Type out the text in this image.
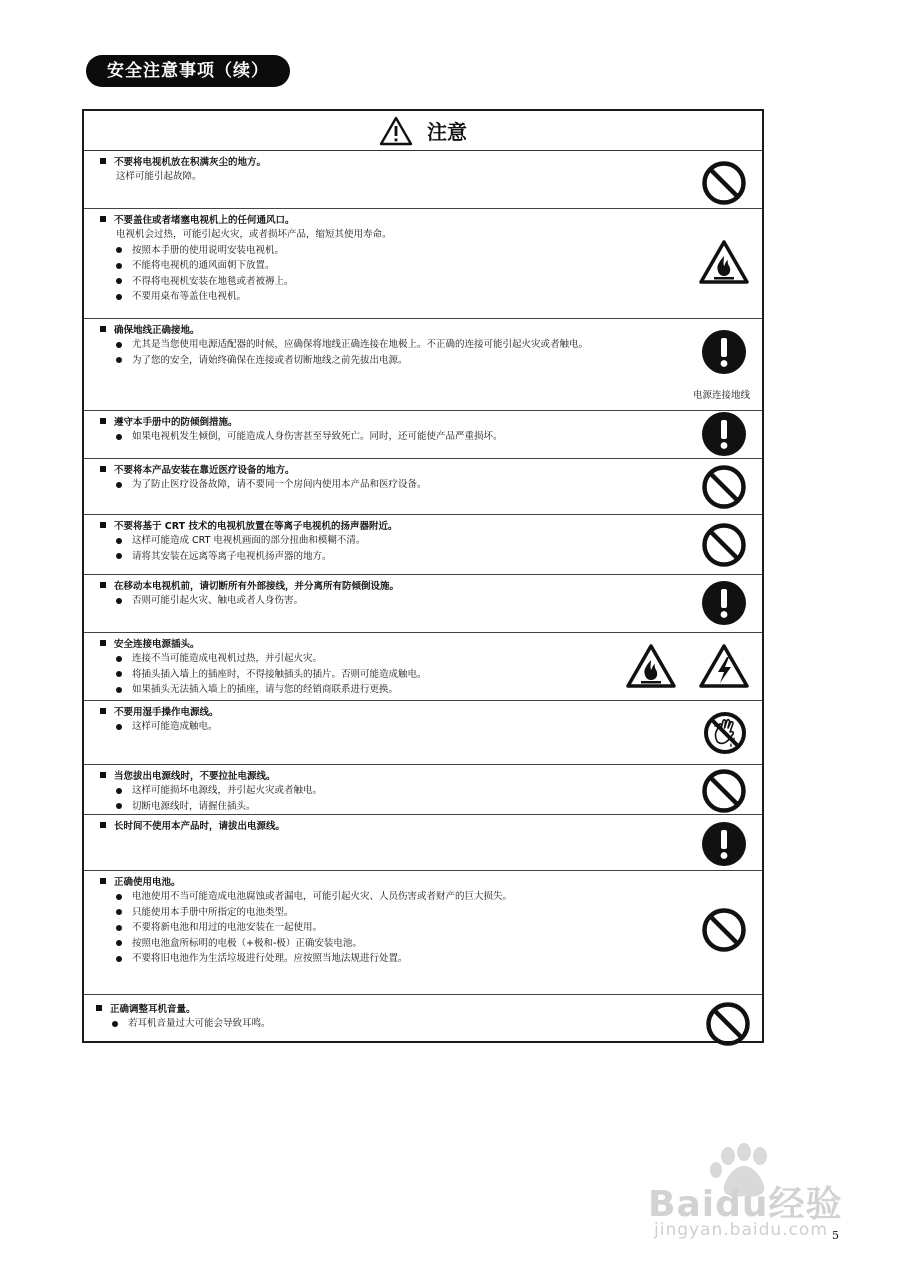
安全注意事项（续）
注意
不要将电视机放在积满灰尘的地方。
这样可能引起故障。
不要盖住或者堵塞电视机上的任何通风口。
电视机会过热，可能引起火灾，或者损坏产品，缩短其使用寿命。
按照本手册的使用说明安装电视机。
不能将电视机的通风面朝下放置。
不得将电视机安装在地毯或者被褥上。
不要用桌布等盖住电视机。
确保地线正确接地。
尤其是当您使用电源适配器的时候，应确保将地线正确连接在地极上。不正确的连接可能引起火灾或者触电。
为了您的安全，请始终确保在连接或者切断地线之前先拔出电源。
电源连接地线
遵守本手册中的防倾倒措施。
如果电视机发生倾倒，可能造成人身伤害甚至导致死亡。同时，还可能使产品严重损坏。
不要将本产品安装在靠近医疗设备的地方。
为了防止医疗设备故障，请不要同一个房间内使用本产品和医疗设备。
不要将基于 CRT 技术的电视机放置在等离子电视机的扬声器附近。
这样可能造成 CRT 电视机画面的部分扭曲和模糊不清。
请将其安装在远离等离子电视机扬声器的地方。
在移动本电视机前，请切断所有外部接线，并分离所有防倾倒设施。
否则可能引起火灾、触电或者人身伤害。
安全连接电源插头。
连接不当可能造成电视机过热，并引起火灾。
将插头插入墙上的插座时，不得接触插头的插片。否则可能造成触电。
如果插头无法插入墙上的插座，请与您的经销商联系进行更换。
不要用湿手操作电源线。
这样可能造成触电。
当您拔出电源线时，不要拉扯电源线。
这样可能损坏电源线，并引起火灾或者触电。
切断电源线时，请握住插头。
长时间不使用本产品时，请拔出电源线。
正确使用电池。
电池使用不当可能造成电池腐蚀或者漏电，可能引起火灾、人员伤害或者财产的巨大损失。
只能使用本手册中所指定的电池类型。
不要将新电池和用过的电池安装在一起使用。
按照电池盒所标明的电极（+极和-极）正确安装电池。
不要将旧电池作为生活垃圾进行处理。应按照当地法规进行处置。
正确调整耳机音量。
若耳机音量过大可能会导致耳鸣。
Baidu经验
jingyan.baidu.com 5
